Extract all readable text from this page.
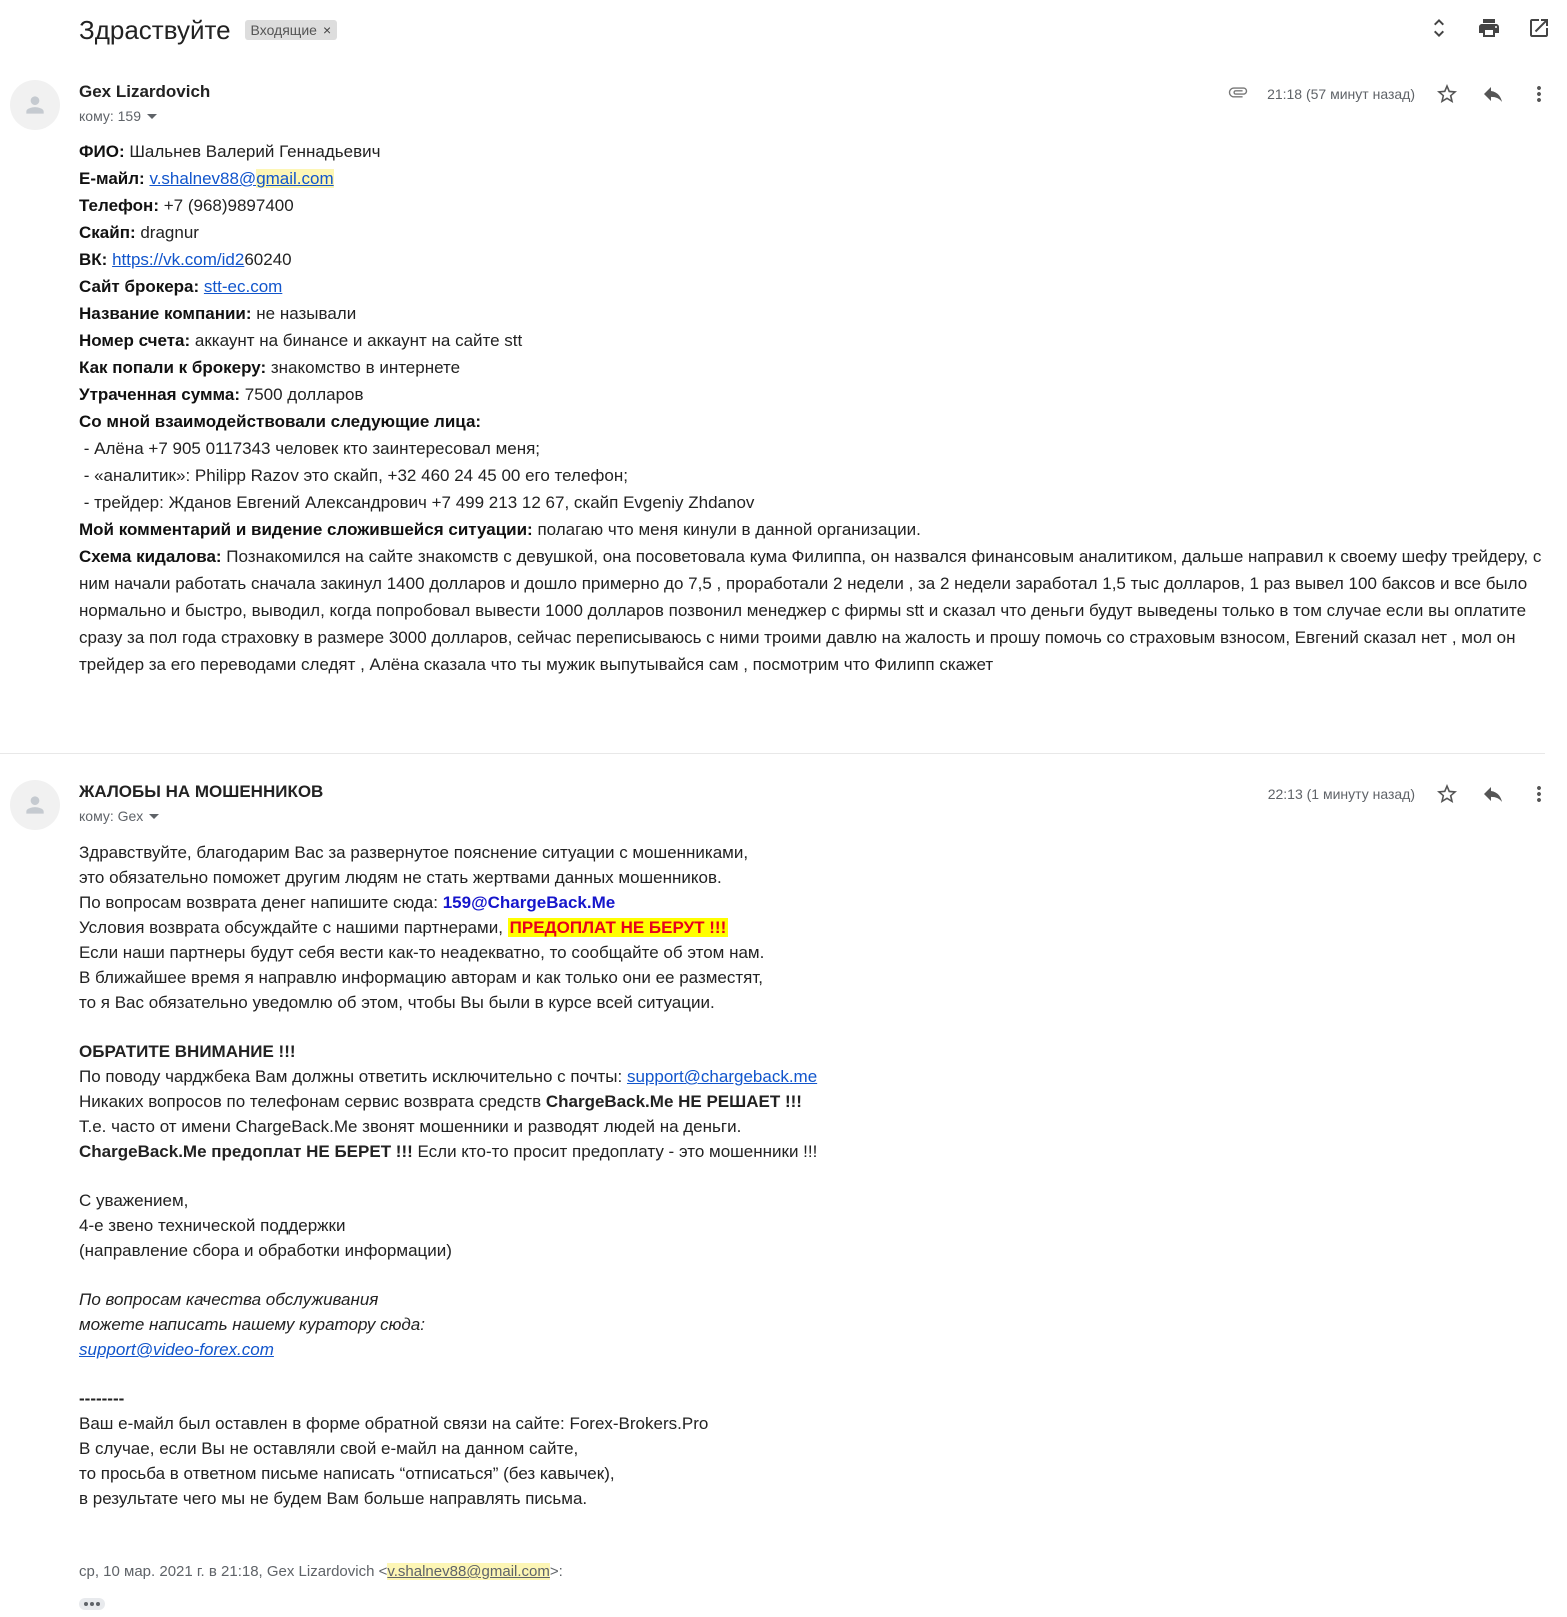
Здраствуйте Входящие ×
Gex Lizardovich
кому: 159
21:18 (57 минут назад)
ФИО: Шальнев Валерий Геннадьевич
Е-майл: v.shalnev88@gmail.com
Телефон: +7 (968)9897400
Скайп: dragnur
ВК: https://vk.com/id260240
Сайт брокера: stt-ec.com
Название компании: не называли
Номер счета: аккаунт на бинансе и аккаунт на сайте stt
Как попали к брокеру: знакомство в интернете
Утраченная сумма: 7500 долларов
Со мной взаимодействовали следующие лица:
- Алёна +7 905 0117343 человек кто заинтересовал меня;
- «аналитик»: Philipp Razov это скайп, +32 460 24 45 00 его телефон;
- трейдер: Жданов Евгений Александрович +7 499 213 12 67, скайп Evgeniy Zhdanov
Мой комментарий и видение сложившейся ситуации: полагаю что меня кинули в данной организации.
Схема кидалова: Познакомился на сайте знакомств с девушкой, она посоветовала кума Филиппа, он назвался финансовым аналитиком, дальше направил к своему шефу трейдеру, с ним начали работать сначала закинул 1400 долларов и дошло примерно до 7,5 , проработали 2 недели , за 2 недели заработал 1,5 тыс долларов, 1 раз вывел 100 баксов и все было нормально и быстро, выводил, когда попробовал вывести 1000 долларов позвонил менеджер с фирмы stt и сказал что деньги будут выведены только в том случае если вы оплатите сразу за пол года страховку в размере 3000 долларов, сейчас переписываюсь с ними троими давлю на жалость и прошу помочь со страховым взносом, Евгений сказал нет , мол он трейдер за его переводами следят , Алёна сказала что ты мужик выпутывайся сам , посмотрим что Филипп скажет
ЖАЛОБЫ НА МОШЕННИКОВ
кому: Gex
22:13 (1 минуту назад)
Здравствуйте, благодарим Вас за развернутое пояснение ситуации с мошенниками,
это обязательно поможет другим людям не стать жертвами данных мошенников.
По вопросам возврата денег напишите сюда: 159@ChargeBack.Me
Условия возврата обсуждайте с нашими партнерами, ПРЕДОПЛАТ НЕ БЕРУТ !!!
Если наши партнеры будут себя вести как-то неадекватно, то сообщайте об этом нам.
В ближайшее время я направлю информацию авторам и как только они ее разместят,
то я Вас обязательно уведомлю об этом, чтобы Вы были в курсе всей ситуации.
ОБРАТИТЕ ВНИМАНИЕ !!!
По поводу чарджбека Вам должны ответить исключительно с почты: support@chargeback.me
Никаких вопросов по телефонам сервис возврата средств ChargeBack.Me НЕ РЕШАЕТ !!!
Т.е. часто от имени ChargeBack.Me звонят мошенники и разводят людей на деньги.
ChargeBack.Me предоплат НЕ БЕРЕТ !!! Если кто-то просит предоплату - это мошенники !!!
С уважением,
4-е звено технической поддержки
(направление сбора и обработки информации)
По вопросам качества обслуживания
можете написать нашему куратору сюда:
support@video-forex.com
--------
Ваш е-майл был оставлен в форме обратной связи на сайте: Forex-Brokers.Pro
В случае, если Вы не оставляли свой е-майл на данном сайте,
то просьба в ответном письме написать “отписаться” (без кавычек),
в результате чего мы не будем Вам больше направлять письма.
ср, 10 мар. 2021 г. в 21:18, Gex Lizardovich <v.shalnev88@gmail.com>:
